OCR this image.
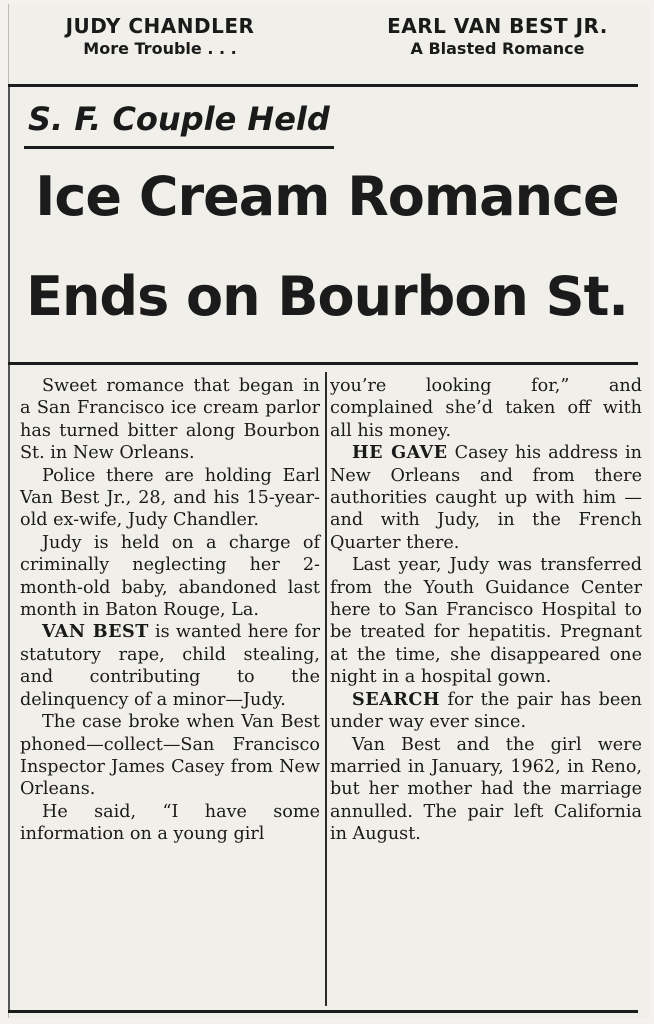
JUDY CHANDLER
More Trouble . . .
EARL VAN BEST JR.
A Blasted Romance
S. F. Couple Held
Ice Cream Romance
Ends on Bourbon St.

Sweet romance that began in a San Francisco ice cream parlor has turned bitter along Bourbon St. in New Orleans.

Police there are holding Earl Van Best Jr., 28, and his 15-year-old ex-wife, Judy Chandler.

Judy is held on a charge of criminally neglecting her 2-month-old baby, abandoned last month in Baton Rouge, La.

VAN BEST is wanted here for statutory rape, child stealing, and contributing to the delinquency of a minor—Judy.

The case broke when Van Best phoned—collect—San Francisco Inspector James Casey from New Orleans.

He said, “I have some information on a young girl

you’re looking for,” and complained she’d taken off with all his money.

HE GAVE Casey his address in New Orleans and from there authorities caught up with him — and with Judy, in the French Quarter there.

Last year, Judy was transferred from the Youth Guidance Center here to San Francisco Hospital to be treated for hepatitis. Pregnant at the time, she disappeared one night in a hospital gown.

SEARCH for the pair has been under way ever since.

Van Best and the girl were married in January, 1962, in Reno, but her mother had the marriage annulled. The pair left California in August.
